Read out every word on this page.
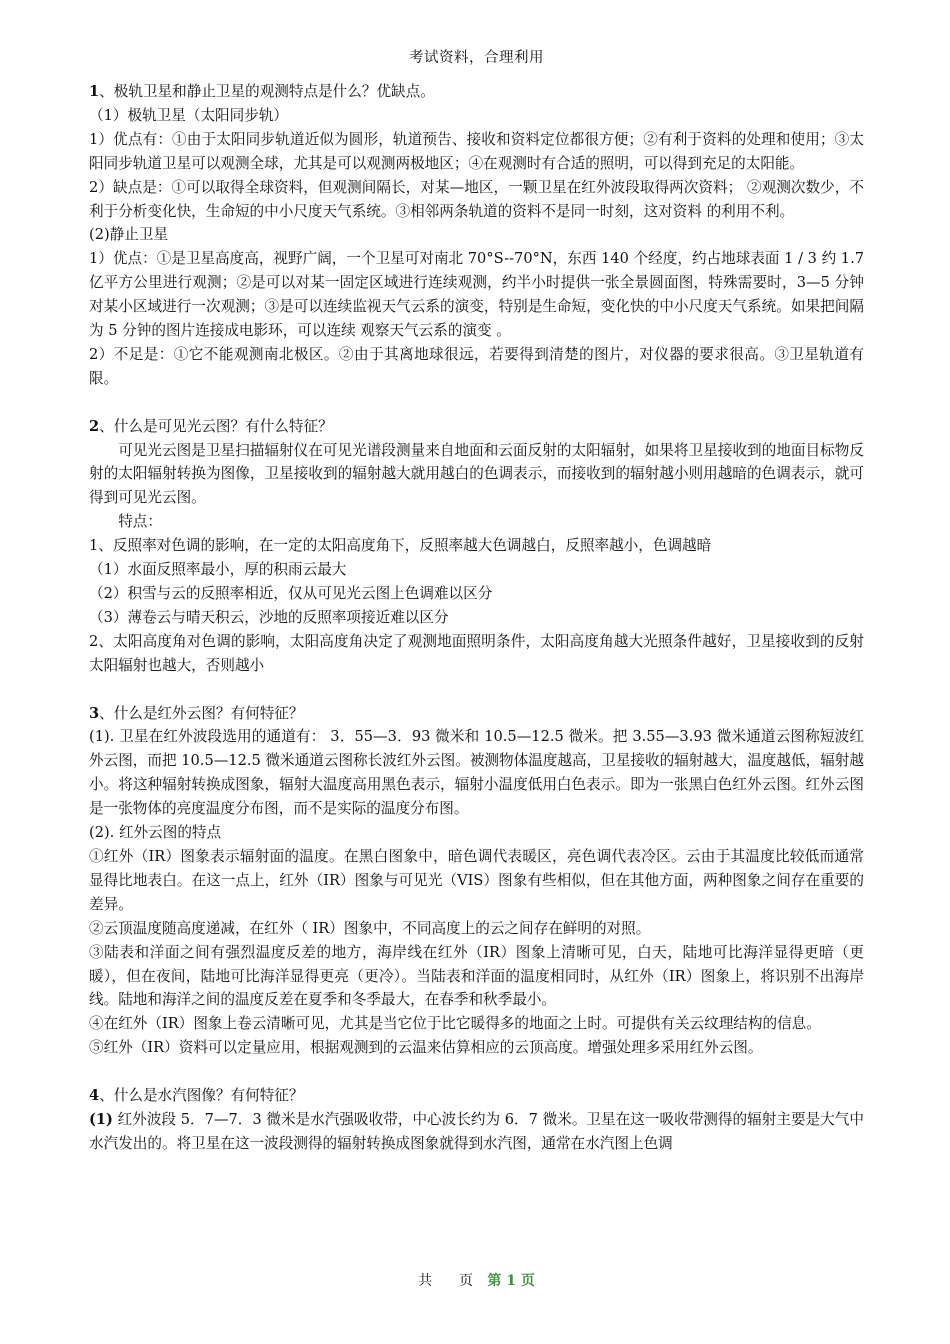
考试资料，合理利用

1、极轨卫星和静止卫星的观测特点是什么？优缺点。

（1）极轨卫星（太阳同步轨）

1）优点有：①由于太阳同步轨道近似为圆形，轨道预告、接收和资料定位都很方便；②有利于资料的处理和使用；③太阳同步轨道卫星可以观测全球，尤其是可以观测两极地区；④在观测时有合适的照明，可以得到充足的太阳能。

2）缺点是：①可以取得全球资料，但观测间隔长，对某—地区，一颗卫星在红外波段取得两次资料； ②观测次数少，不利于分析变化快，生命短的中小尺度天气系统。③相邻两条轨道的资料不是同一时刻，这对资料 的利用不利。

(2)静止卫星

1）优点：①是卫星高度高，视野广阔，一个卫星可对南北 70°S--70°N，东西 140 个经度，约占地球表面 1 / 3 约 1.7 亿平方公里进行观测；②是可以对某一固定区域进行连续观测，约半小时提供一张全景圆面图，特殊需要时，3—5 分钟对某小区域进行一次观测；③是可以连续监视天气云系的演变，特别是生命短，变化快的中小尺度天气系统。如果把间隔为 5 分钟的图片连接成电影环，可以连续 观察天气云系的演变 。

2）不足是：①它不能观测南北极区。②由于其离地球很远，若要得到清楚的图片，对仪器的要求很高。③卫星轨道有限。

2、什么是可见光云图？有什么特征？

可见光云图是卫星扫描辐射仪在可见光谱段测量来自地面和云面反射的太阳辐射，如果将卫星接收到的地面目标物反射的太阳辐射转换为图像，卫星接收到的辐射越大就用越白的色调表示，而接收到的辐射越小则用越暗的色调表示，就可得到可见光云图。

特点：

1、反照率对色调的影响，在一定的太阳高度角下，反照率越大色调越白，反照率越小，色调越暗

（1）水面反照率最小，厚的积雨云最大

（2）积雪与云的反照率相近，仅从可见光云图上色调难以区分

（3）薄卷云与晴天积云，沙地的反照率项接近难以区分

2、太阳高度角对色调的影响，太阳高度角决定了观测地面照明条件，太阳高度角越大光照条件越好，卫星接收到的反射太阳辐射也越大，否则越小

3、什么是红外云图？有何特征？

(1). 卫星在红外波段选用的通道有： 3．55—3．93 微米和 10.5—12.5 微米。把 3.55—3.93 微米通道云图称短波红外云图，而把 10.5—12.5 微米通道云图称长波红外云图。被测物体温度越高，卫星接收的辐射越大，温度越低，辐射越小。将这种辐射转换成图象，辐射大温度高用黑色表示，辐射小温度低用白色表示。即为一张黑白色红外云图。红外云图是一张物体的亮度温度分布图，而不是实际的温度分布图。

(2). 红外云图的特点

①红外（IR）图象表示辐射面的温度。在黑白图象中，暗色调代表暖区，亮色调代表冷区。云由于其温度比较低而通常显得比地表白。在这一点上，红外（IR）图象与可见光（VIS）图象有些相似，但在其他方面，两种图象之间存在重要的差异。

②云顶温度随高度递减，在红外（ IR）图象中，不同高度上的云之间存在鲜明的对照。

③陆表和洋面之间有强烈温度反差的地方，海岸线在红外（IR）图象上清晰可见，白天，陆地可比海洋显得更暗（更暖），但在夜间，陆地可比海洋显得更亮（更冷）。当陆表和洋面的温度相同时，从红外（IR）图象上，将识别不出海岸线。陆地和海洋之间的温度反差在夏季和冬季最大，在春季和秋季最小。

④在红外（IR）图象上卷云清晰可见，尤其是当它位于比它暖得多的地面之上时。可提供有关云纹理结构的信息。

⑤红外（IR）资料可以定量应用，根据观测到的云温来估算相应的云顶高度。增强处理多采用红外云图。

4、什么是水汽图像？有何特征？

(1) 红外波段 5．7—7．3 微米是水汽强吸收带，中心波长约为 6．7 微米。卫星在这一吸收带测得的辐射主要是大气中水汽发出的。将卫星在这一波段测得的辐射转换成图象就得到水汽图，通常在水汽图上色调

共 页 第 1 页
